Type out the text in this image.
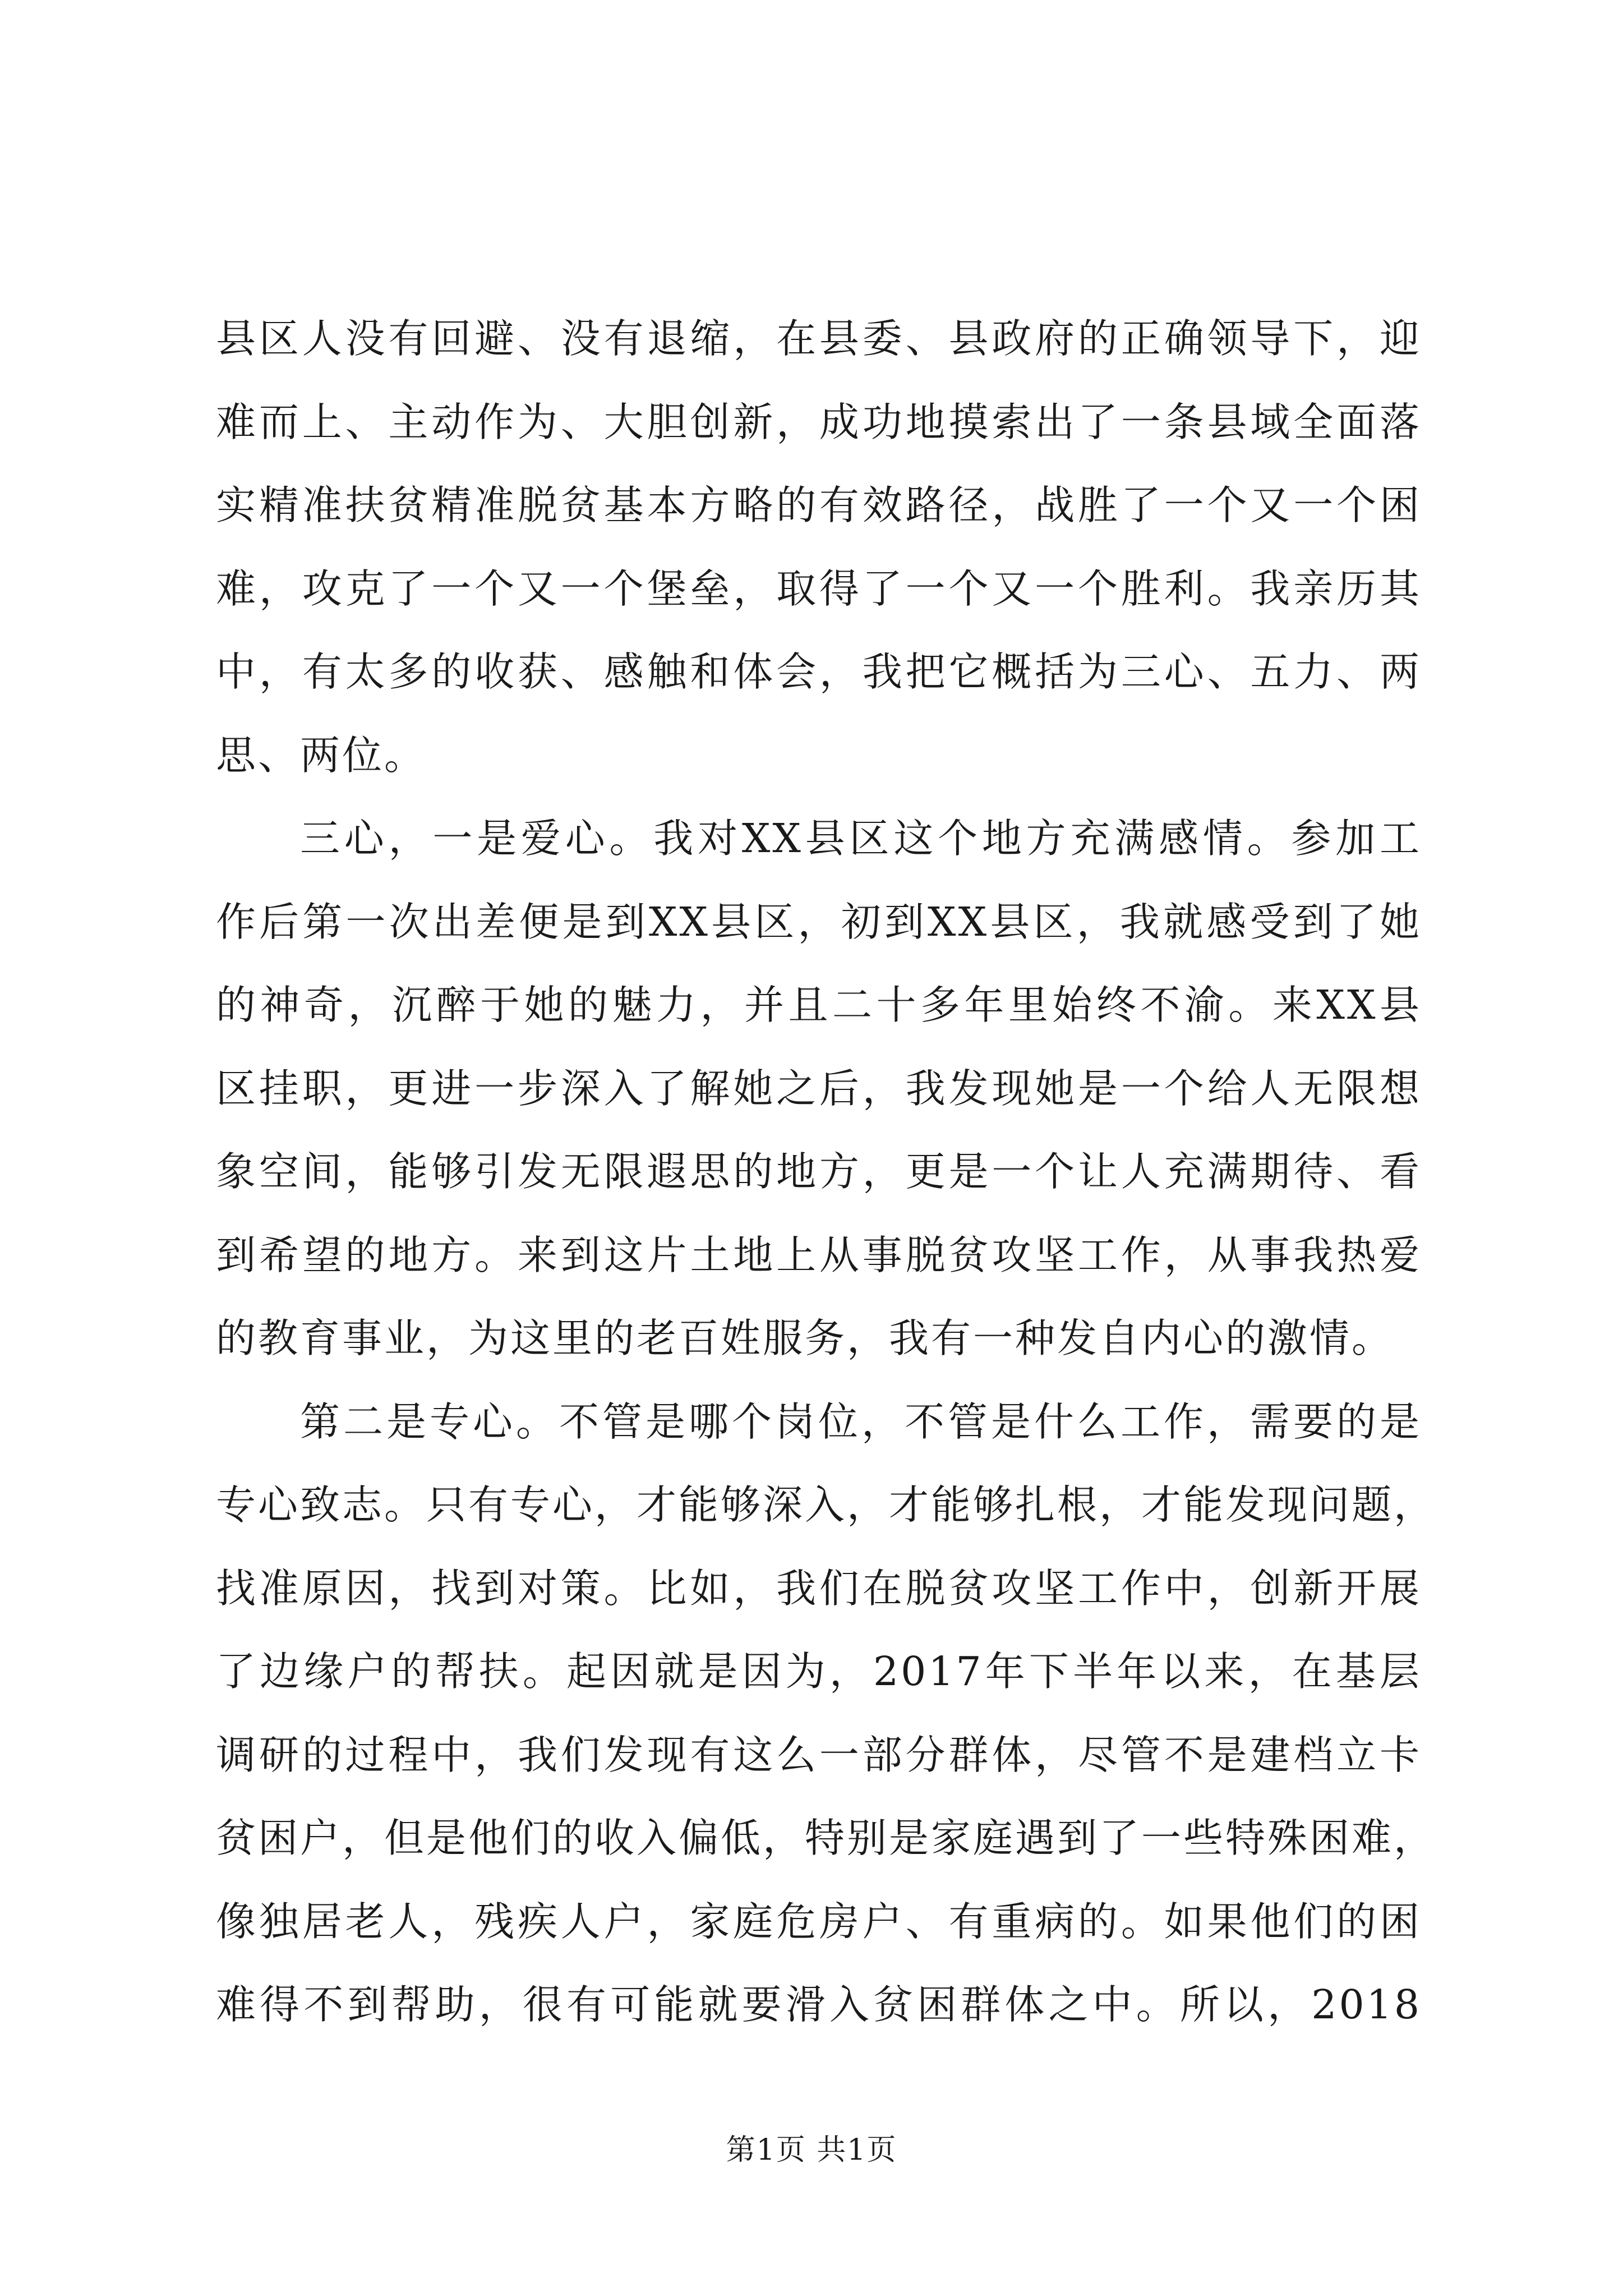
县区人没有回避、没有退缩，在县委、县政府的正确领导下，迎
难而上、主动作为、大胆创新，成功地摸索出了一条县域全面落
实精准扶贫精准脱贫基本方略的有效路径，战胜了一个又一个困
难，攻克了一个又一个堡垒，取得了一个又一个胜利。我亲历其
中，有太多的收获、感触和体会，我把它概括为三心、五力、两
思、两位。
三心，一是爱心。我对XX县区这个地方充满感情。参加工
作后第一次出差便是到XX县区，初到XX县区，我就感受到了她
的神奇，沉醉于她的魅力，并且二十多年里始终不渝。来XX县
区挂职，更进一步深入了解她之后，我发现她是一个给人无限想
象空间，能够引发无限遐思的地方，更是一个让人充满期待、看
到希望的地方。来到这片土地上从事脱贫攻坚工作，从事我热爱
的教育事业，为这里的老百姓服务，我有一种发自内心的激情。
第二是专心。不管是哪个岗位，不管是什么工作，需要的是
专心致志。只有专心，才能够深入，才能够扎根，才能发现问题，
找准原因，找到对策。比如，我们在脱贫攻坚工作中，创新开展
了边缘户的帮扶。起因就是因为，2017年下半年以来，在基层
调研的过程中，我们发现有这么一部分群体，尽管不是建档立卡
贫困户，但是他们的收入偏低，特别是家庭遇到了一些特殊困难，
像独居老人，残疾人户，家庭危房户、有重病的。如果他们的困
难得不到帮助，很有可能就要滑入贫困群体之中。所以，2018
第1页 共1页
